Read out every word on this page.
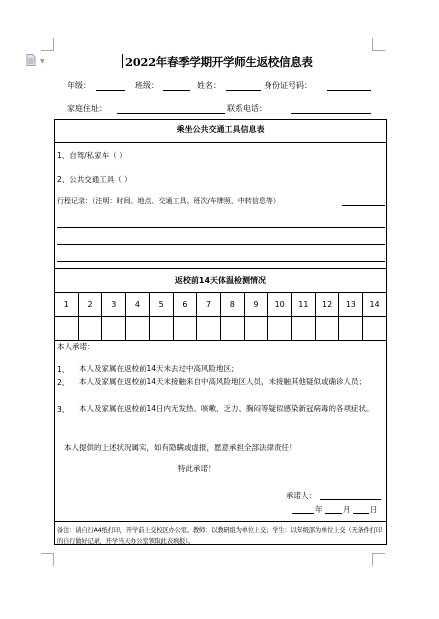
▼	2022年春季学期开学师生返校信息表
年级：	班级：	姓名：	身份证号码：
家庭住址：	联系电话：
乘坐公共交通工具信息表
1、自驾/私家车（ ）
2、公共交通工具（ ）
行程记录：（注明：时间、地点、交通工具、班次/车牌照、中转信息等）
返校前14天体温检测情况
1	2	3	4	5	6	7	8	9	10	11	12	13	14

本人承诺：
1、 本人及家属在返校前14天未去过中高风险地区；
2、 本人及家属在返校前14天未接触来自中高风险地区人员，未接触其他疑似或确诊人员；
3、 本人及家属在返校前14日内无发热、咳嗽、乏力、胸闷等疑似感染新冠病毒的各项症状。
本人提供的上述状况属实，如有隐瞒或虚报，愿意承担全部法律责任！
特此承诺！
承诺人：
年	月	日
备注：请自行A4纸打印，开学前上交校区办公室。教师：以教研组为单位上交；学生：以年级部为单位上交（无条件打印的自行做好记录，开学当天办公室领取此表填报）。
